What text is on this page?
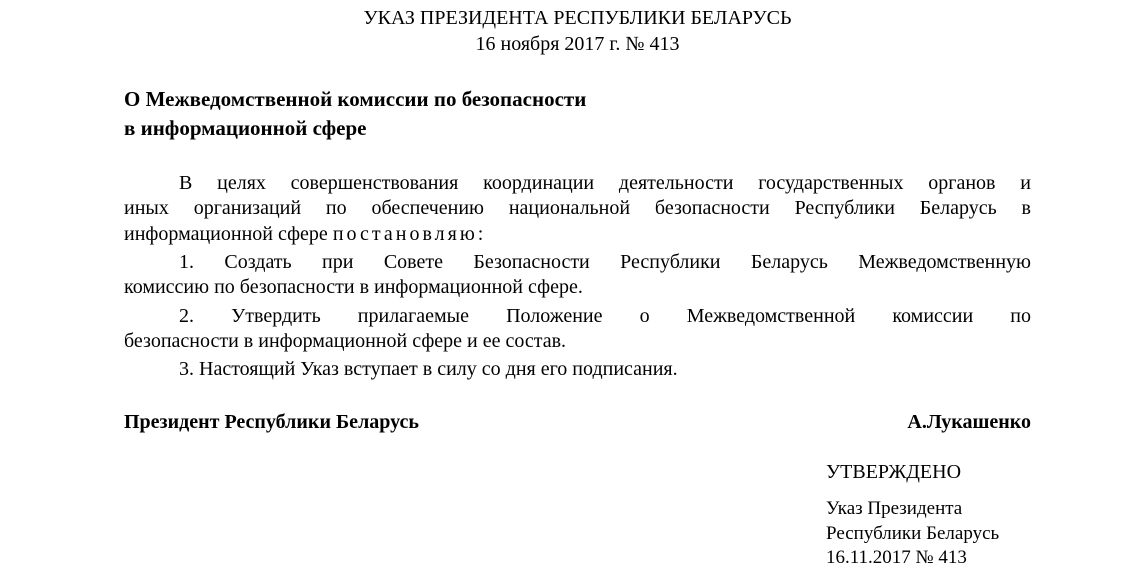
УКАЗ ПРЕЗИДЕНТА РЕСПУБЛИКИ БЕЛАРУСЬ
16 ноября 2017 г. № 413
О Межведомственной комиссии по безопасности
в информационной сфере
В целях совершенствования координации деятельности государственных органов и
иных организаций по обеспечению национальной безопасности Республики Беларусь в
информационной сфере постановляю:
1. Создать при Совете Безопасности Республики Беларусь Межведомственную
комиссию по безопасности в информационной сфере.
2. Утвердить прилагаемые Положение о Межведомственной комиссии по
безопасности в информационной сфере и ее состав.
3. Настоящий Указ вступает в силу со дня его подписания.
Президент Республики Беларусь	А.Лукашенко
УТВЕРЖДЕНО
Указ Президента
Республики Беларусь
16.11.2017 № 413
